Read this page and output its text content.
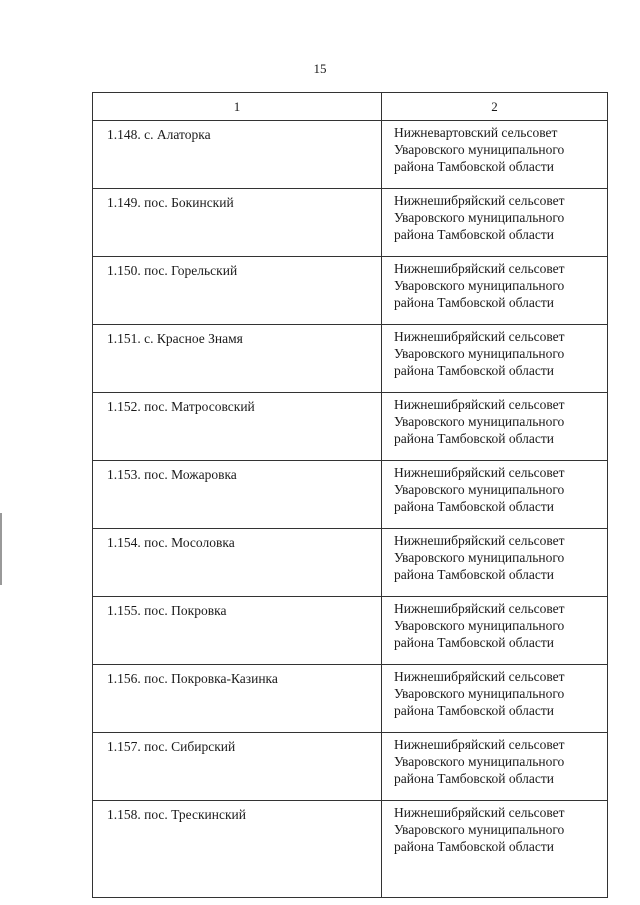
15
1	2

1.148. с. Алаторка	Нижневартовский сельсовет
Уваровского муниципального
района Тамбовской области

1.149. пос. Бокинский	Нижнешибряйский сельсовет
Уваровского муниципального
района Тамбовской области

1.150. пос. Горельский	Нижнешибряйский сельсовет
Уваровского муниципального
района Тамбовской области

1.151. с. Красное Знамя	Нижнешибряйский сельсовет
Уваровского муниципального
района Тамбовской области

1.152. пос. Матросовский	Нижнешибряйский сельсовет
Уваровского муниципального
района Тамбовской области

1.153. пос. Можаровка	Нижнешибряйский сельсовет
Уваровского муниципального
района Тамбовской области

1.154. пос. Мосоловка	Нижнешибряйский сельсовет
Уваровского муниципального
района Тамбовской области

1.155. пос. Покровка	Нижнешибряйский сельсовет
Уваровского муниципального
района Тамбовской области

1.156. пос. Покровка-Казинка	Нижнешибряйский сельсовет
Уваровского муниципального
района Тамбовской области

1.157. пос. Сибирский	Нижнешибряйский сельсовет
Уваровского муниципального
района Тамбовской области

1.158. пос. Трескинский	Нижнешибряйский сельсовет
Уваровского муниципального
района Тамбовской области
